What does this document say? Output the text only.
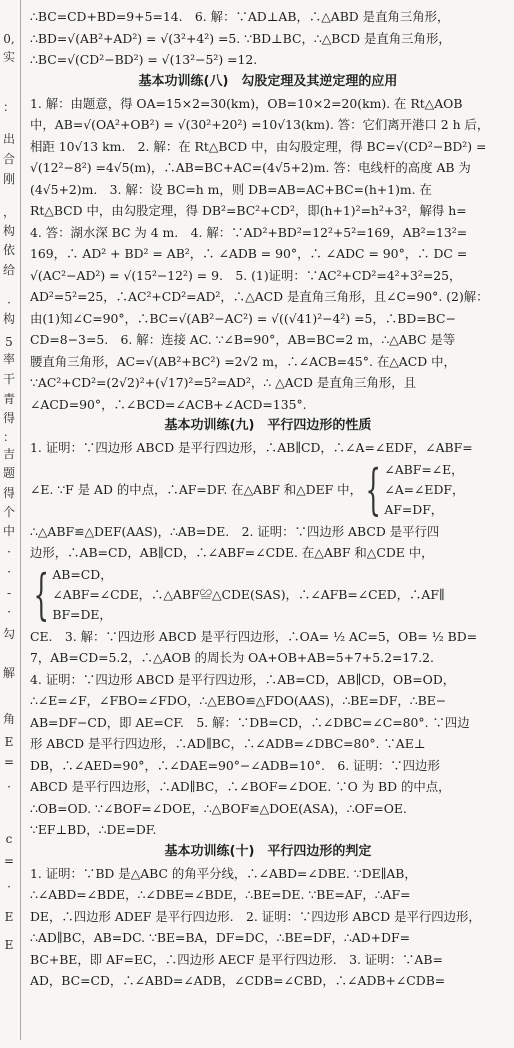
0,
实
：
出
合
刚
，
构
依
给
·
构
5
率
干
青
得
：
吉
题
得
个
中
·
·
-
·
勾
解
角
E
=
·
c
=
·
E
E
∴BC=CD+BD=9+5=14.　6. 解：∵AD⊥AB，∴△ABD 是直角三角形，
∴BD=√(AB²+AD²) = √(3²+4²) =5. ∵BD⊥BC，∴△BCD 是直角三角形，
∴BC=√(CD²−BD²) = √(13²−5²) =12.
基本功训练(八)　勾股定理及其逆定理的应用
1. 解：由题意，得 OA=15×2=30(km)，OB=10×2=20(km). 在 Rt△AOB
中，AB=√(OA²+OB²) = √(30²+20²) =10√13(km). 答：它们离开港口 2 h 后，
相距 10√13 km.　2. 解：在 Rt△BCD 中，由勾股定理，得 BC=√(CD²−BD²) =
√(12²−8²) =4√5(m)，∴AB=BC+AC=(4√5+2)m. 答：电线杆的高度 AB 为
(4√5+2)m.　3. 解：设 BC=h m，则 DB=AB=AC+BC=(h+1)m. 在
Rt△BCD 中，由勾股定理，得 DB²=BC²+CD²，即(h+1)²=h²+3²，解得 h=
4. 答：湖水深 BC 为 4 m.　4. 解：∵AD²+BD²=12²+5²=169，AB²=13²=
169，∴ AD² + BD² = AB²，∴ ∠ADB = 90°，∴ ∠ADC = 90°，∴ DC =
√(AC²−AD²) = √(15²−12²) = 9.　5. (1)证明：∵AC²+CD²=4²+3²=25，
AD²=5²=25，∴AC²+CD²=AD²，∴△ACD 是直角三角形，且∠C=90°. (2)解：
由(1)知∠C=90°，∴BC=√(AB²−AC²) = √((√41)²−4²) =5，∴BD=BC−
CD=8−3=5.　6. 解：连接 AC. ∵∠B=90°，AB=BC=2 m，∴△ABC 是等
腰直角三角形，AC=√(AB²+BC²) =2√2 m，∴∠ACB=45°. 在△ACD 中，
∵AC²+CD²=(2√2)²+(√17)²=5²=AD²，∴ △ACD 是直角三角形，且
∠ACD=90°，∴∠BCD=∠ACB+∠ACD=135°.
基本功训练(九)　平行四边形的性质
1. 证明：∵四边形 ABCD 是平行四边形，∴AB∥CD，∴∠A=∠EDF，∠ABF=
∠E. ∵F 是 AD 的中点，∴AF=DF. 在△ABF 和△DEF 中， { ∠ABF=∠E，
∠A=∠EDF，
AF=DF，
∴△ABF≌△DEF(AAS)，∴AB=DE.　2. 证明：∵四边形 ABCD 是平行四
边形，∴AB=CD，AB∥CD，∴∠ABF=∠CDE. 在△ABF 和△CDE 中，
{ AB=CD，
∠ABF=∠CDE，∴△ABF≌△CDE(SAS)，∴∠AFB=∠CED，∴AF∥
BF=DE，
CE.　3. 解：∵四边形 ABCD 是平行四边形，∴OA= ½ AC=5，OB= ½ BD=
7，AB=CD=5.2，∴△AOB 的周长为 OA+OB+AB=5+7+5.2=17.2.
4. 证明：∵四边形 ABCD 是平行四边形，∴AB=CD，AB∥CD，OB=OD，
∴∠E=∠F，∠FBO=∠FDO，∴△EBO≌△FDO(AAS)，∴BE=DF，∴BE−
AB=DF−CD，即 AE=CF.　5. 解：∵DB=CD，∴∠DBC=∠C=80°. ∵四边
形 ABCD 是平行四边形，∴AD∥BC，∴∠ADB=∠DBC=80°. ∵AE⊥
DB，∴∠AED=90°，∴∠DAE=90°−∠ADB=10°.　6. 证明：∵四边形
ABCD 是平行四边形，∴AD∥BC，∴∠BOF=∠DOE. ∵O 为 BD 的中点，
∴OB=OD. ∵∠BOF=∠DOE，∴△BOF≌△DOE(ASA)，∴OF=OE.
∵EF⊥BD，∴DE=DF.
基本功训练(十)　平行四边形的判定
1. 证明：∵BD 是△ABC 的角平分线，∴∠ABD=∠DBE. ∵DE∥AB，
∴∠ABD=∠BDE，∴∠DBE=∠BDE，∴BE=DE. ∵BE=AF，∴AF=
DE，∴四边形 ADEF 是平行四边形.　2. 证明：∵四边形 ABCD 是平行四边形，
∴AD∥BC，AB=DC. ∵BE=BA，DF=DC，∴BE=DF，∴AD+DF=
BC+BE，即 AF=EC，∴四边形 AECF 是平行四边形.　3. 证明：∵AB=
AD，BC=CD，∴∠ABD=∠ADB，∠CDB=∠CBD，∴∠ADB+∠CDB=
